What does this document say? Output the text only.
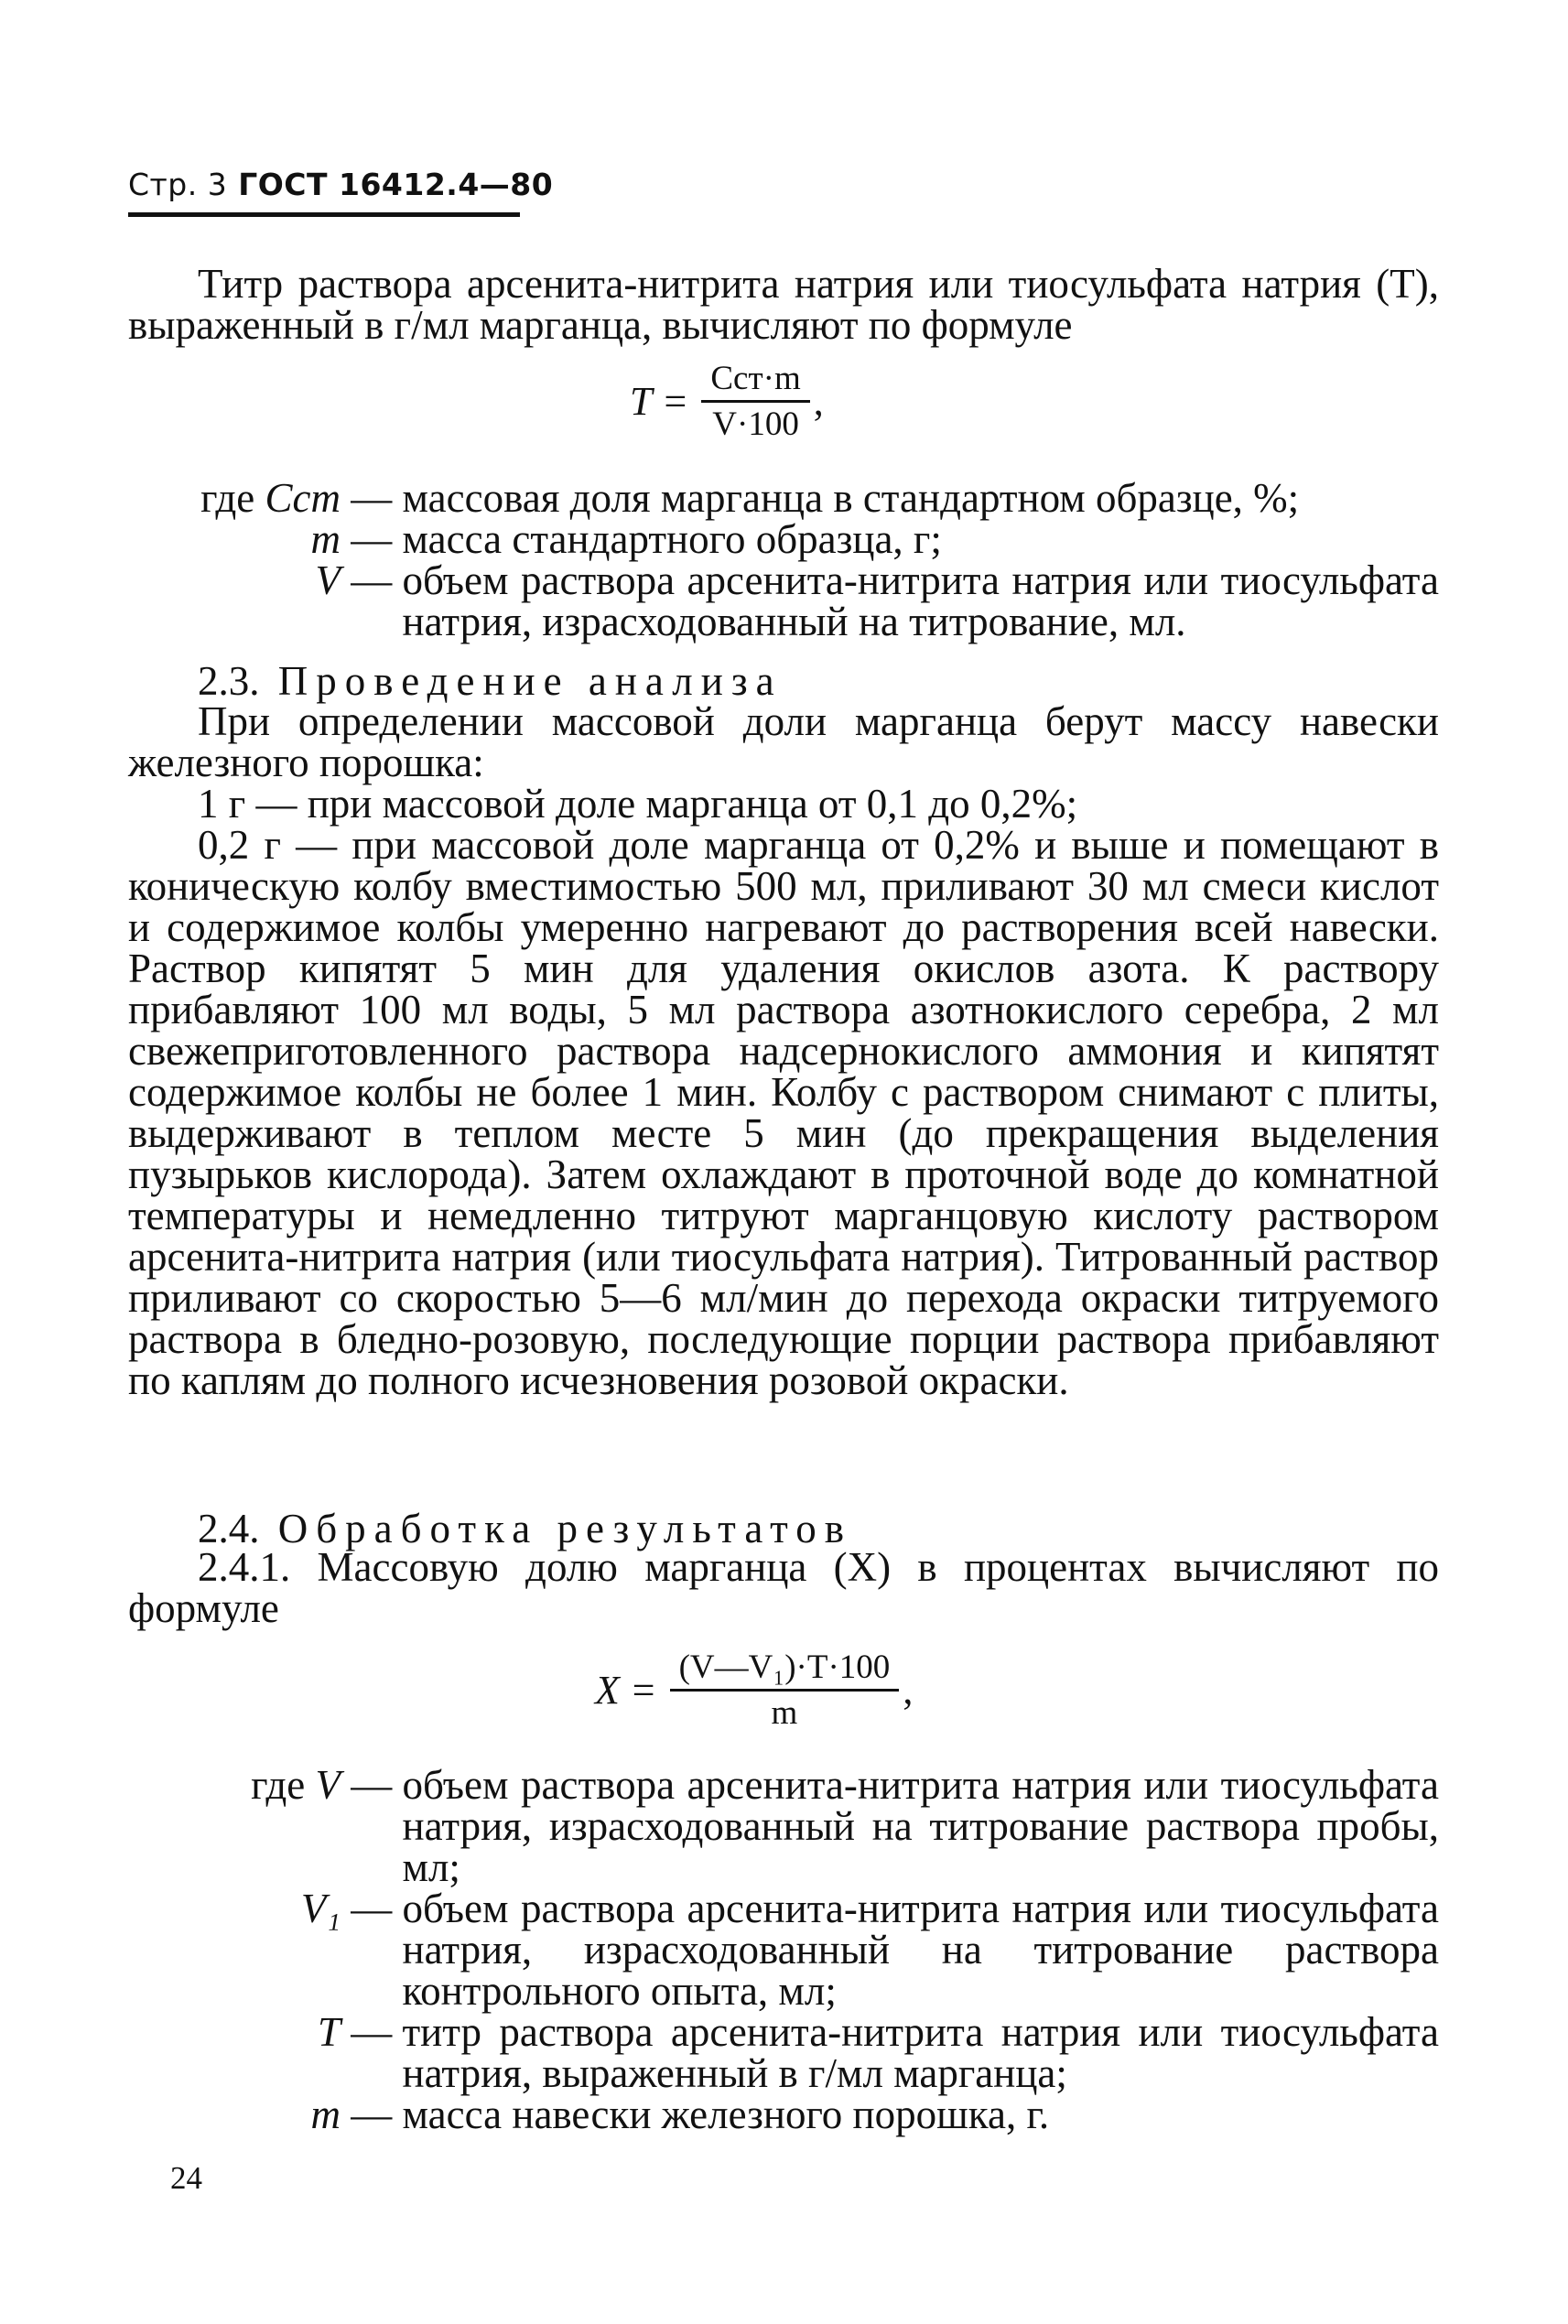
Стр. 3 ГОСТ 16412.4—80

Титр раствора арсенита-нитрита натрия или тиосульфата натрия (T), выраженный в г/мл марганца, вычисляют по формуле

$T = \frac{\text{Cст·m}}{V\cdot 100}$ ,
где Cст — массовая доля марганца в стандартном образце, %;
m — масса стандартного образца, г;
V — объем раствора арсенита-нитрита натрия или тиосульфата натрия, израсходованный на титрование, мл.
2.3. Проведение анализа

При определении массовой доли марганца берут массу навески железного порошка:

1 г — при массовой доле марганца от 0,1 до 0,2%;

0,2 г — при массовой доле марганца от 0,2% и выше и помещают в коническую колбу вместимостью 500 мл, приливают 30 мл смеси кислот и содержимое колбы умеренно нагревают до растворения всей навески. Раствор кипятят 5 мин для удаления окислов азота. К раствору прибавляют 100 мл воды, 5 мл раствора азотнокислого серебра, 2 мл свежеприготовленного раствора надсернокислого аммония и кипятят содержимое колбы не более 1 мин. Колбу с раствором снимают с плиты, выдерживают в теплом месте 5 мин (до прекращения выделения пузырьков кислорода). Затем охлаждают в проточной воде до комнатной температуры и немедленно титруют марганцовую кислоту раствором арсенита-нитрита натрия (или тиосульфата натрия). Титрованный раствор приливают со скоростью 5—6 мл/мин до перехода окраски титруемого раствора в бледно-розовую, последующие порции раствора прибавляют по каплям до полного исчезновения розовой окраски.

2.4. Обработка результатов

2.4.1. Массовую долю марганца (X) в процентах вычисляют по формуле

$X = \frac{\text{(V—V₁)·T·100}}{m}$ ,
где V — объем раствора арсенита-нитрита натрия или тиосульфата натрия, израсходованный на титрование раствора пробы, мл;
V₁ — объем раствора арсенита-нитрита натрия или тиосульфата натрия, израсходованный на титрование раствора контрольного опыта, мл;
T — титр раствора арсенита-нитрита натрия или тиосульфата натрия, выраженный в г/мл марганца;
m — масса навески железного порошка, г.
24
